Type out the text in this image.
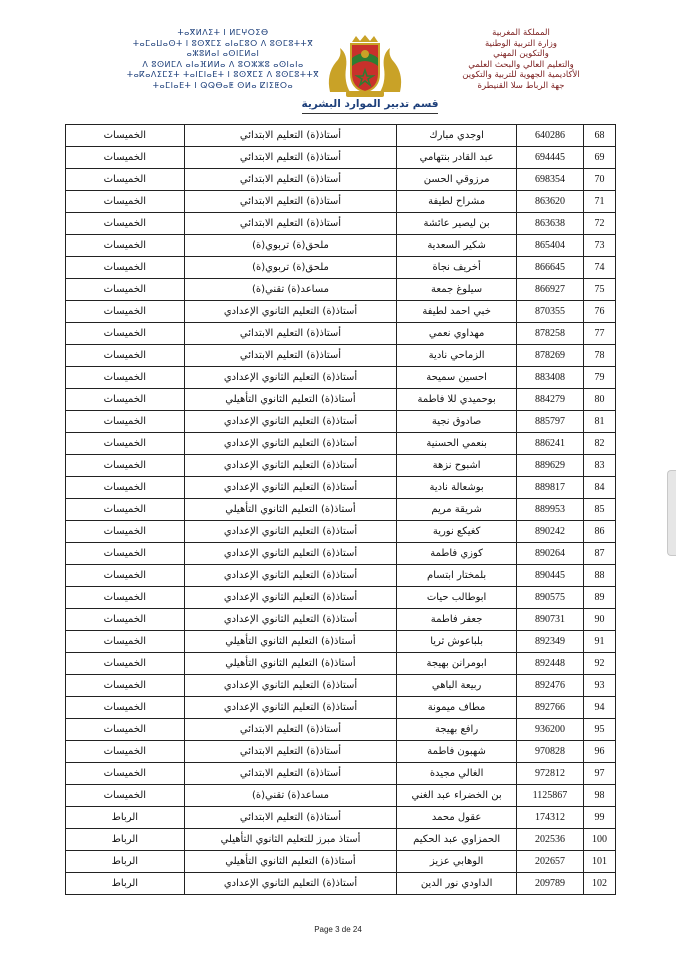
ⵜⴰⴳⵍⴷⵉⵜ ⵏ ⵍⵎⵖⵔⵉⴱ
ⵜⴰⵎⴰⵡⴰⵙⵜ ⵏ ⵓⵙⴳⵎⵉ ⴰⵏⴰⵎⵓⵔ ⴷ ⵓⵙⵎⵓⵜⵜⴳ
ⴰⵣⵓⵍⴰⵏ ⴰⵙⵏⵎⵍⴰⵏ
ⴷ ⵓⵙⵍⵎⴷ ⴰⵏⴰⴼⵍⵍⴰ ⴷ ⵓⵔⵣⵣⵓ ⴰⵙⵏⴰⵏⴰ
ⵜⴰⴽⴰⴷⵉⵎⵉⵜ ⵜⴰⵏⵎⵏⴰⴹⵜ ⵏ ⵓⵙⴳⵎⵉ ⴷ ⵓⵙⵎⵓⵜⵜⴳ
ⵜⴰⵎⵏⴰⴹⵜ ⵏ ⵕⵕⴱⴰⵟ ⵙⵍⴰ ⵇⵏⵉⵟⵔⴰ
المملكة المغربية
وزارة التربية الوطنية
والتكوين المهني
والتعليم العالي والبحث العلمي
الأكاديمية الجهوية للتربية والتكوين
جهة الرباط سلا القنيطرة
قسم تدبير الموارد البشرية
68	640286	اوجدي مبارك	أستاذ(ة) التعليم الابتدائي	الخميسات
69	694445	عبد القادر بنتهامي	أستاذ(ة) التعليم الابتدائي	الخميسات
70	698354	مرزوقي الحسن	أستاذ(ة) التعليم الابتدائي	الخميسات
71	863620	مشراح لطيفة	أستاذ(ة) التعليم الابتدائي	الخميسات
72	863638	بن ليصير عائشة	أستاذ(ة) التعليم الابتدائي	الخميسات
73	865404	شكير السعدية	ملحق(ة) تربوي(ة)	الخميسات
74	866645	أخريف نجاة	ملحق(ة) تربوي(ة)	الخميسات
75	866927	سيلوغ جمعة	مساعد(ة) تقني(ة)	الخميسات
76	870355	خبي احمد لطيفة	أستاذ(ة) التعليم الثانوي الإعدادي	الخميسات
77	878258	مهداوي نعمي	أستاذ(ة) التعليم الابتدائي	الخميسات
78	878269	الزماحي نادية	أستاذ(ة) التعليم الابتدائي	الخميسات
79	883408	احسين سميحة	أستاذ(ة) التعليم الثانوي الإعدادي	الخميسات
80	884279	بوحميدي للا فاطمة	أستاذ(ة) التعليم الثانوي التأهيلي	الخميسات
81	885797	صادوق نجية	أستاذ(ة) التعليم الثانوي الإعدادي	الخميسات
82	886241	بنعمي الحسنية	أستاذ(ة) التعليم الثانوي الإعدادي	الخميسات
83	889629	اشبوح نزهة	أستاذ(ة) التعليم الثانوي الإعدادي	الخميسات
84	889817	بوشعالة نادية	أستاذ(ة) التعليم الثانوي الإعدادي	الخميسات
85	889953	شريقة مريم	أستاذ(ة) التعليم الثانوي التأهيلي	الخميسات
86	890242	كغيكع نورية	أستاذ(ة) التعليم الثانوي الإعدادي	الخميسات
87	890264	كوزي فاطمة	أستاذ(ة) التعليم الثانوي الإعدادي	الخميسات
88	890445	بلمختار ابتسام	أستاذ(ة) التعليم الثانوي الإعدادي	الخميسات
89	890575	ابوطالب حيات	أستاذ(ة) التعليم الثانوي الإعدادي	الخميسات
90	890731	جعفر فاطمة	أستاذ(ة) التعليم الثانوي الإعدادي	الخميسات
91	892349	بلباعوش ثريا	أستاذ(ة) التعليم الثانوي التأهيلي	الخميسات
92	892448	ابومرانن بهيجة	أستاذ(ة) التعليم الثانوي التأهيلي	الخميسات
93	892476	ربيعة الباهي	أستاذ(ة) التعليم الثانوي الإعدادي	الخميسات
94	892766	مطاف ميمونة	أستاذ(ة) التعليم الثانوي الإعدادي	الخميسات
95	936200	رافع بهيجة	أستاذ(ة) التعليم الابتدائي	الخميسات
96	970828	شهبون فاطمة	أستاذ(ة) التعليم الابتدائي	الخميسات
97	972812	الغالي مجيدة	أستاذ(ة) التعليم الابتدائي	الخميسات
98	1125867	بن الخضراء عبد الغني	مساعد(ة) تقني(ة)	الخميسات
99	174312	عقول محمد	أستاذ(ة) التعليم الابتدائي	الرباط
100	202536	الحمزاوي عبد الحكيم	أستاذ مبرز للتعليم الثانوي التأهيلي	الرباط
101	202657	الوهابي عزيز	أستاذ(ة) التعليم الثانوي التأهيلي	الرباط
102	209789	الداودي نور الدين	أستاذ(ة) التعليم الثانوي الإعدادي	الرباط
Page 3 de 24
